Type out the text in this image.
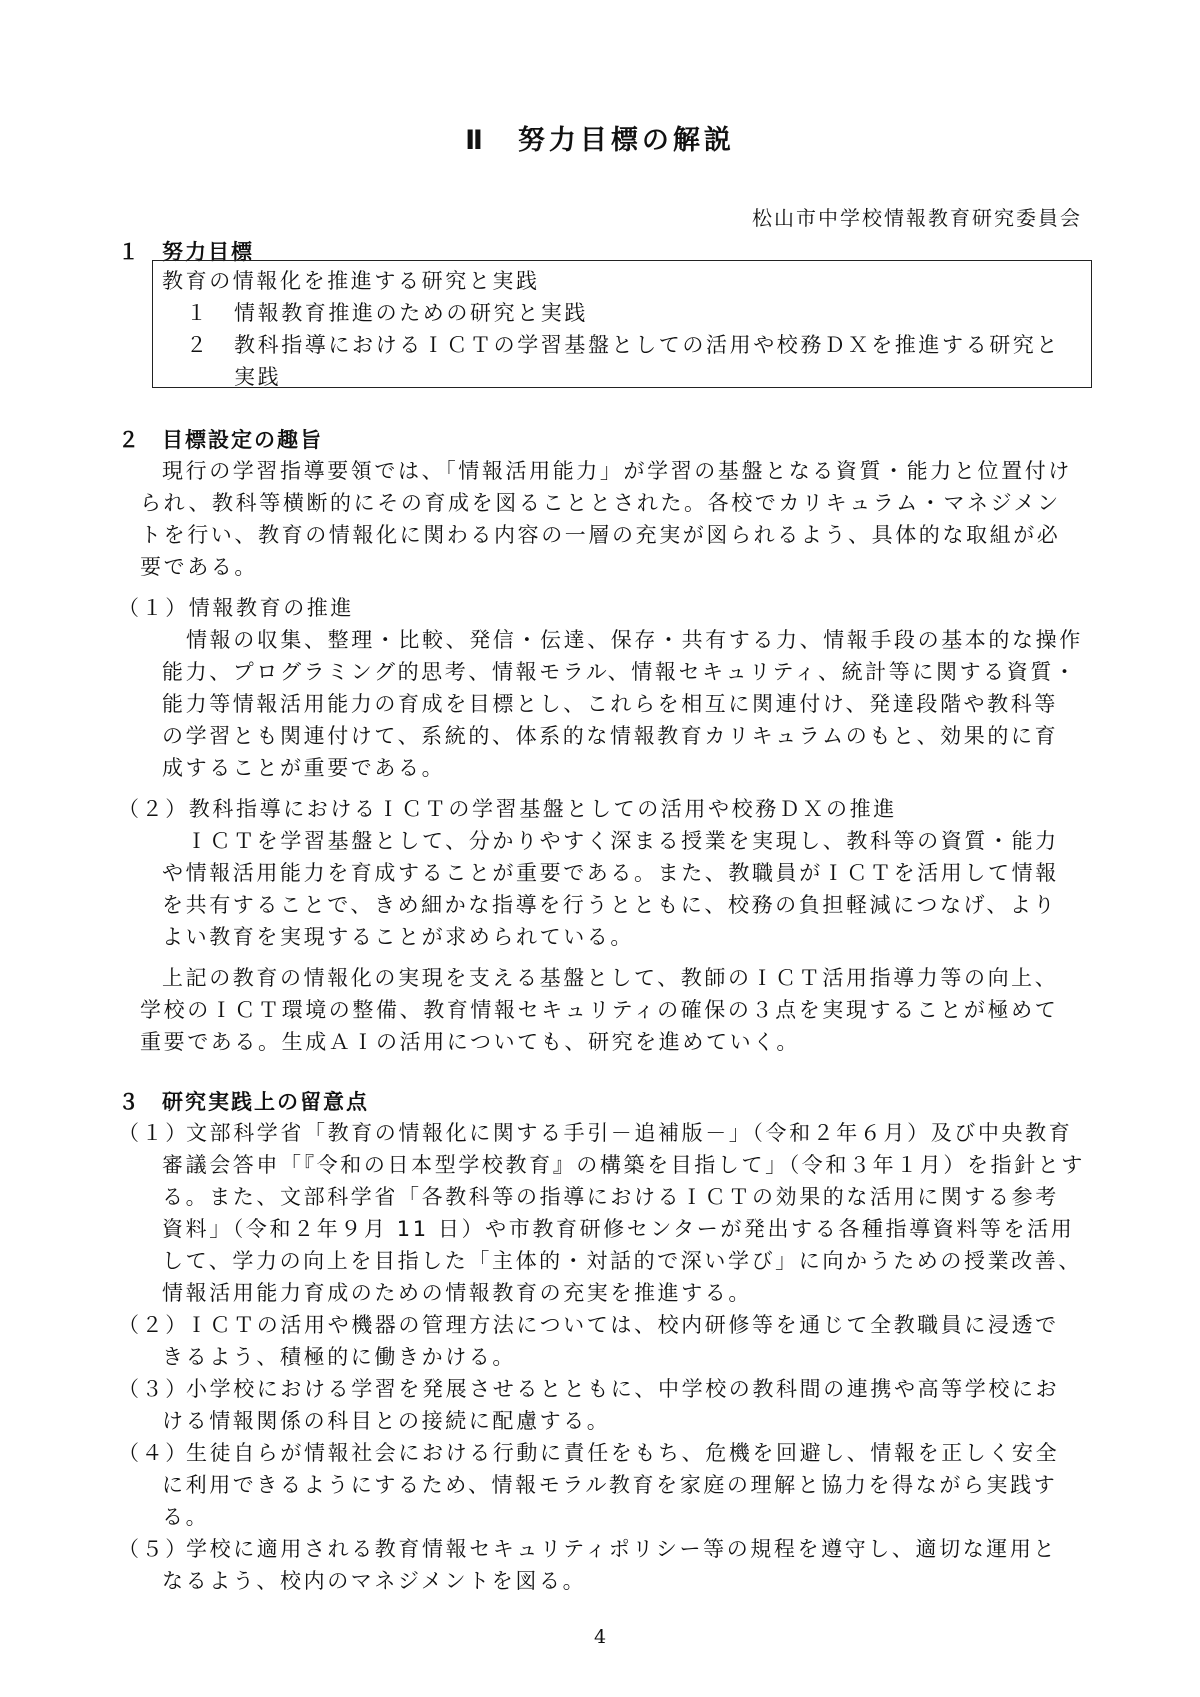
Ⅱ　努力目標の解説
松山市中学校情報教育研究委員会
１ 努力目標
教育の情報化を推進する研究と実践
１ 情報教育推進のための研究と実践
２ 教科指導におけるＩＣＴの学習基盤としての活用や校務ＤＸを推進する研究と
実践
２ 目標設定の趣旨
現行の学習指導要領では、「情報活用能力」が学習の基盤となる資質・能力と位置付け
られ、教科等横断的にその育成を図ることとされた。各校でカリキュラム・マネジメン
トを行い、教育の情報化に関わる内容の一層の充実が図られるよう、具体的な取組が必
要である。
（１）情報教育の推進
情報の収集、整理・比較、発信・伝達、保存・共有する力、情報手段の基本的な操作
能力、プログラミング的思考、情報モラル、情報セキュリティ、統計等に関する資質・
能力等情報活用能力の育成を目標とし、これらを相互に関連付け、発達段階や教科等
の学習とも関連付けて、系統的、体系的な情報教育カリキュラムのもと、効果的に育
成することが重要である。
（２）教科指導におけるＩＣＴの学習基盤としての活用や校務ＤＸの推進
ＩＣＴを学習基盤として、分かりやすく深まる授業を実現し、教科等の資質・能力
や情報活用能力を育成することが重要である。また、教職員がＩＣＴを活用して情報
を共有することで、きめ細かな指導を行うとともに、校務の負担軽減につなげ、より
よい教育を実現することが求められている。
上記の教育の情報化の実現を支える基盤として、教師のＩＣＴ活用指導力等の向上、
学校のＩＣＴ環境の整備、教育情報セキュリティの確保の３点を実現することが極めて
重要である。生成ＡＩの活用についても、研究を進めていく。
３ 研究実践上の留意点
（１）
文部科学省「教育の情報化に関する手引－追補版－」（令和２年６月）及び中央教育
審議会答申「『令和の日本型学校教育』の構築を目指して」（令和３年１月）を指針とす
る。また、文部科学省「各教科等の指導におけるＩＣＴの効果的な活用に関する参考
資料」（令和２年９月 11 日）や市教育研修センターが発出する各種指導資料等を活用
して、学力の向上を目指した「主体的・対話的で深い学び」に向かうための授業改善、
情報活用能力育成のための情報教育の充実を推進する。
（２）
ＩＣＴの活用や機器の管理方法については、校内研修等を通じて全教職員に浸透で
きるよう、積極的に働きかける。
（３）
小学校における学習を発展させるとともに、中学校の教科間の連携や高等学校にお
ける情報関係の科目との接続に配慮する。
（４）
生徒自らが情報社会における行動に責任をもち、危機を回避し、情報を正しく安全
に利用できるようにするため、情報モラル教育を家庭の理解と協力を得ながら実践す
る。
（５）
学校に適用される教育情報セキュリティポリシー等の規程を遵守し、適切な運用と
なるよう、校内のマネジメントを図る。
4
